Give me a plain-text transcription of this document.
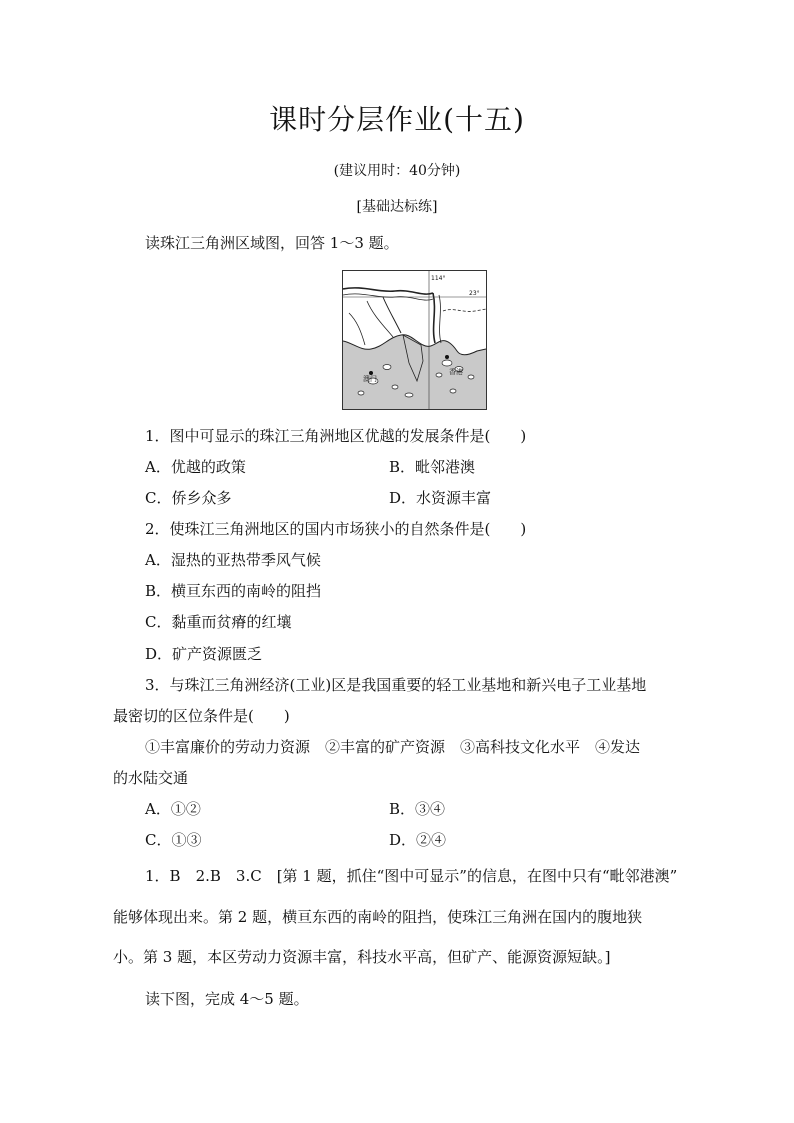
课时分层作业(十五)
(建议用时：40分钟)
[基础达标练]
读珠江三角洲区域图，回答 1～3 题。
114°
23°
澳门
香港
1．图中可显示的珠江三角洲地区优越的发展条件是(　　)
A．优越的政策	B．毗邻港澳
C．侨乡众多	D．水资源丰富
2．使珠江三角洲地区的国内市场狭小的自然条件是(　　)
A．湿热的亚热带季风气候
B．横亘东西的南岭的阻挡
C．黏重而贫瘠的红壤
D．矿产资源匮乏
3．与珠江三角洲经济(工业)区是我国重要的轻工业基地和新兴电子工业基地
最密切的区位条件是(　　)
①丰富廉价的劳动力资源　②丰富的矿产资源　③高科技文化水平　④发达
的水陆交通
A．①②	B．③④
C．①③	D．②④
1．B　2.B　3.C　[第 1 题，抓住“图中可显示”的信息，在图中只有“毗邻港澳”
能够体现出来。第 2 题，横亘东西的南岭的阻挡，使珠江三角洲在国内的腹地狭
小。第 3 题，本区劳动力资源丰富，科技水平高，但矿产、能源资源短缺。]
读下图，完成 4～5 题。
